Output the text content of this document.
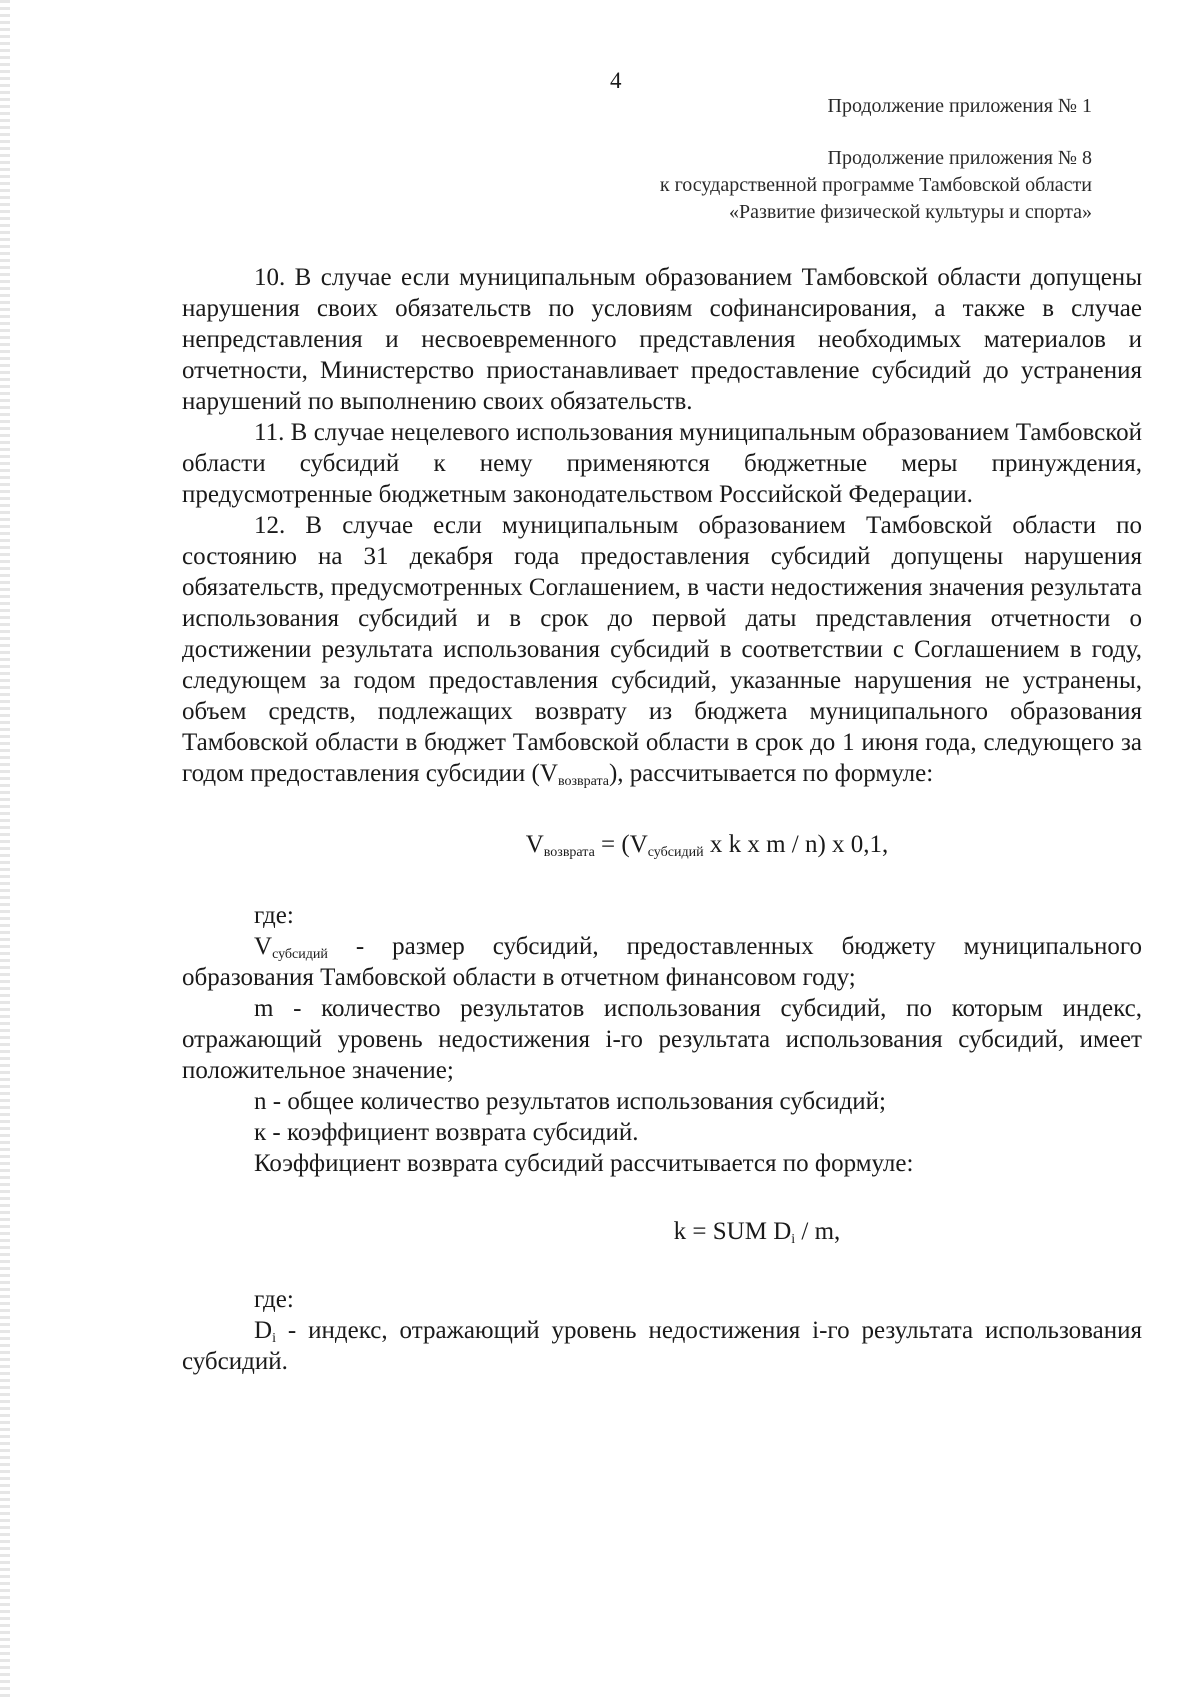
4
Продолжение приложения № 1
Продолжение приложения № 8
к государственной программе Тамбовской области
«Развитие физической культуры и спорта»

10. В случае если муниципальным образованием Тамбовской области допущены нарушения своих обязательств по условиям софинансирования, а также в случае непредставления и несвоевременного представления необходимых материалов и отчетности, Министерство приостанавливает предоставление субсидий до устранения нарушений по выполнению своих обязательств.

11. В случае нецелевого использования муниципальным образованием Тамбовской области субсидий к нему применяются бюджетные меры принуждения, предусмотренные бюджетным законодательством Российской Федерации.

12. В случае если муниципальным образованием Тамбовской области по состоянию на 31 декабря года предоставления субсидий допущены нарушения обязательств, предусмотренных Соглашением, в части недостижения значения результата использования субсидий и в срок до первой даты представления отчетности о достижении результата использования субсидий в соответствии с Соглашением в году, следующем за годом предоставления субсидий, указанные нарушения не устранены, объем средств, подлежащих возврату из бюджета муниципального образования Тамбовской области в бюджет Тамбовской области в срок до 1 июня года, следующего за годом предоставления субсидии $(V_{возврата})$, рассчитывается по формуле:

$V_{возврата} = (V_{субсидий}$ x k x m / n) x 0,1,

где:

$V_{субсидий}$ - размер субсидий, предоставленных бюджету муниципального образования Тамбовской области в отчетном финансовом году;

m - количество результатов использования субсидий, по которым индекс, отражающий уровень недостижения i-го результата использования субсидий, имеет положительное значение;

n - общее количество результатов использования субсидий;

к - коэффициент возврата субсидий.

Коэффициент возврата субсидий рассчитывается по формуле:

k = SUM $D_i$ / m,

где:

$D_i$ - индекс, отражающий уровень недостижения i-го результата использования субсидий.
